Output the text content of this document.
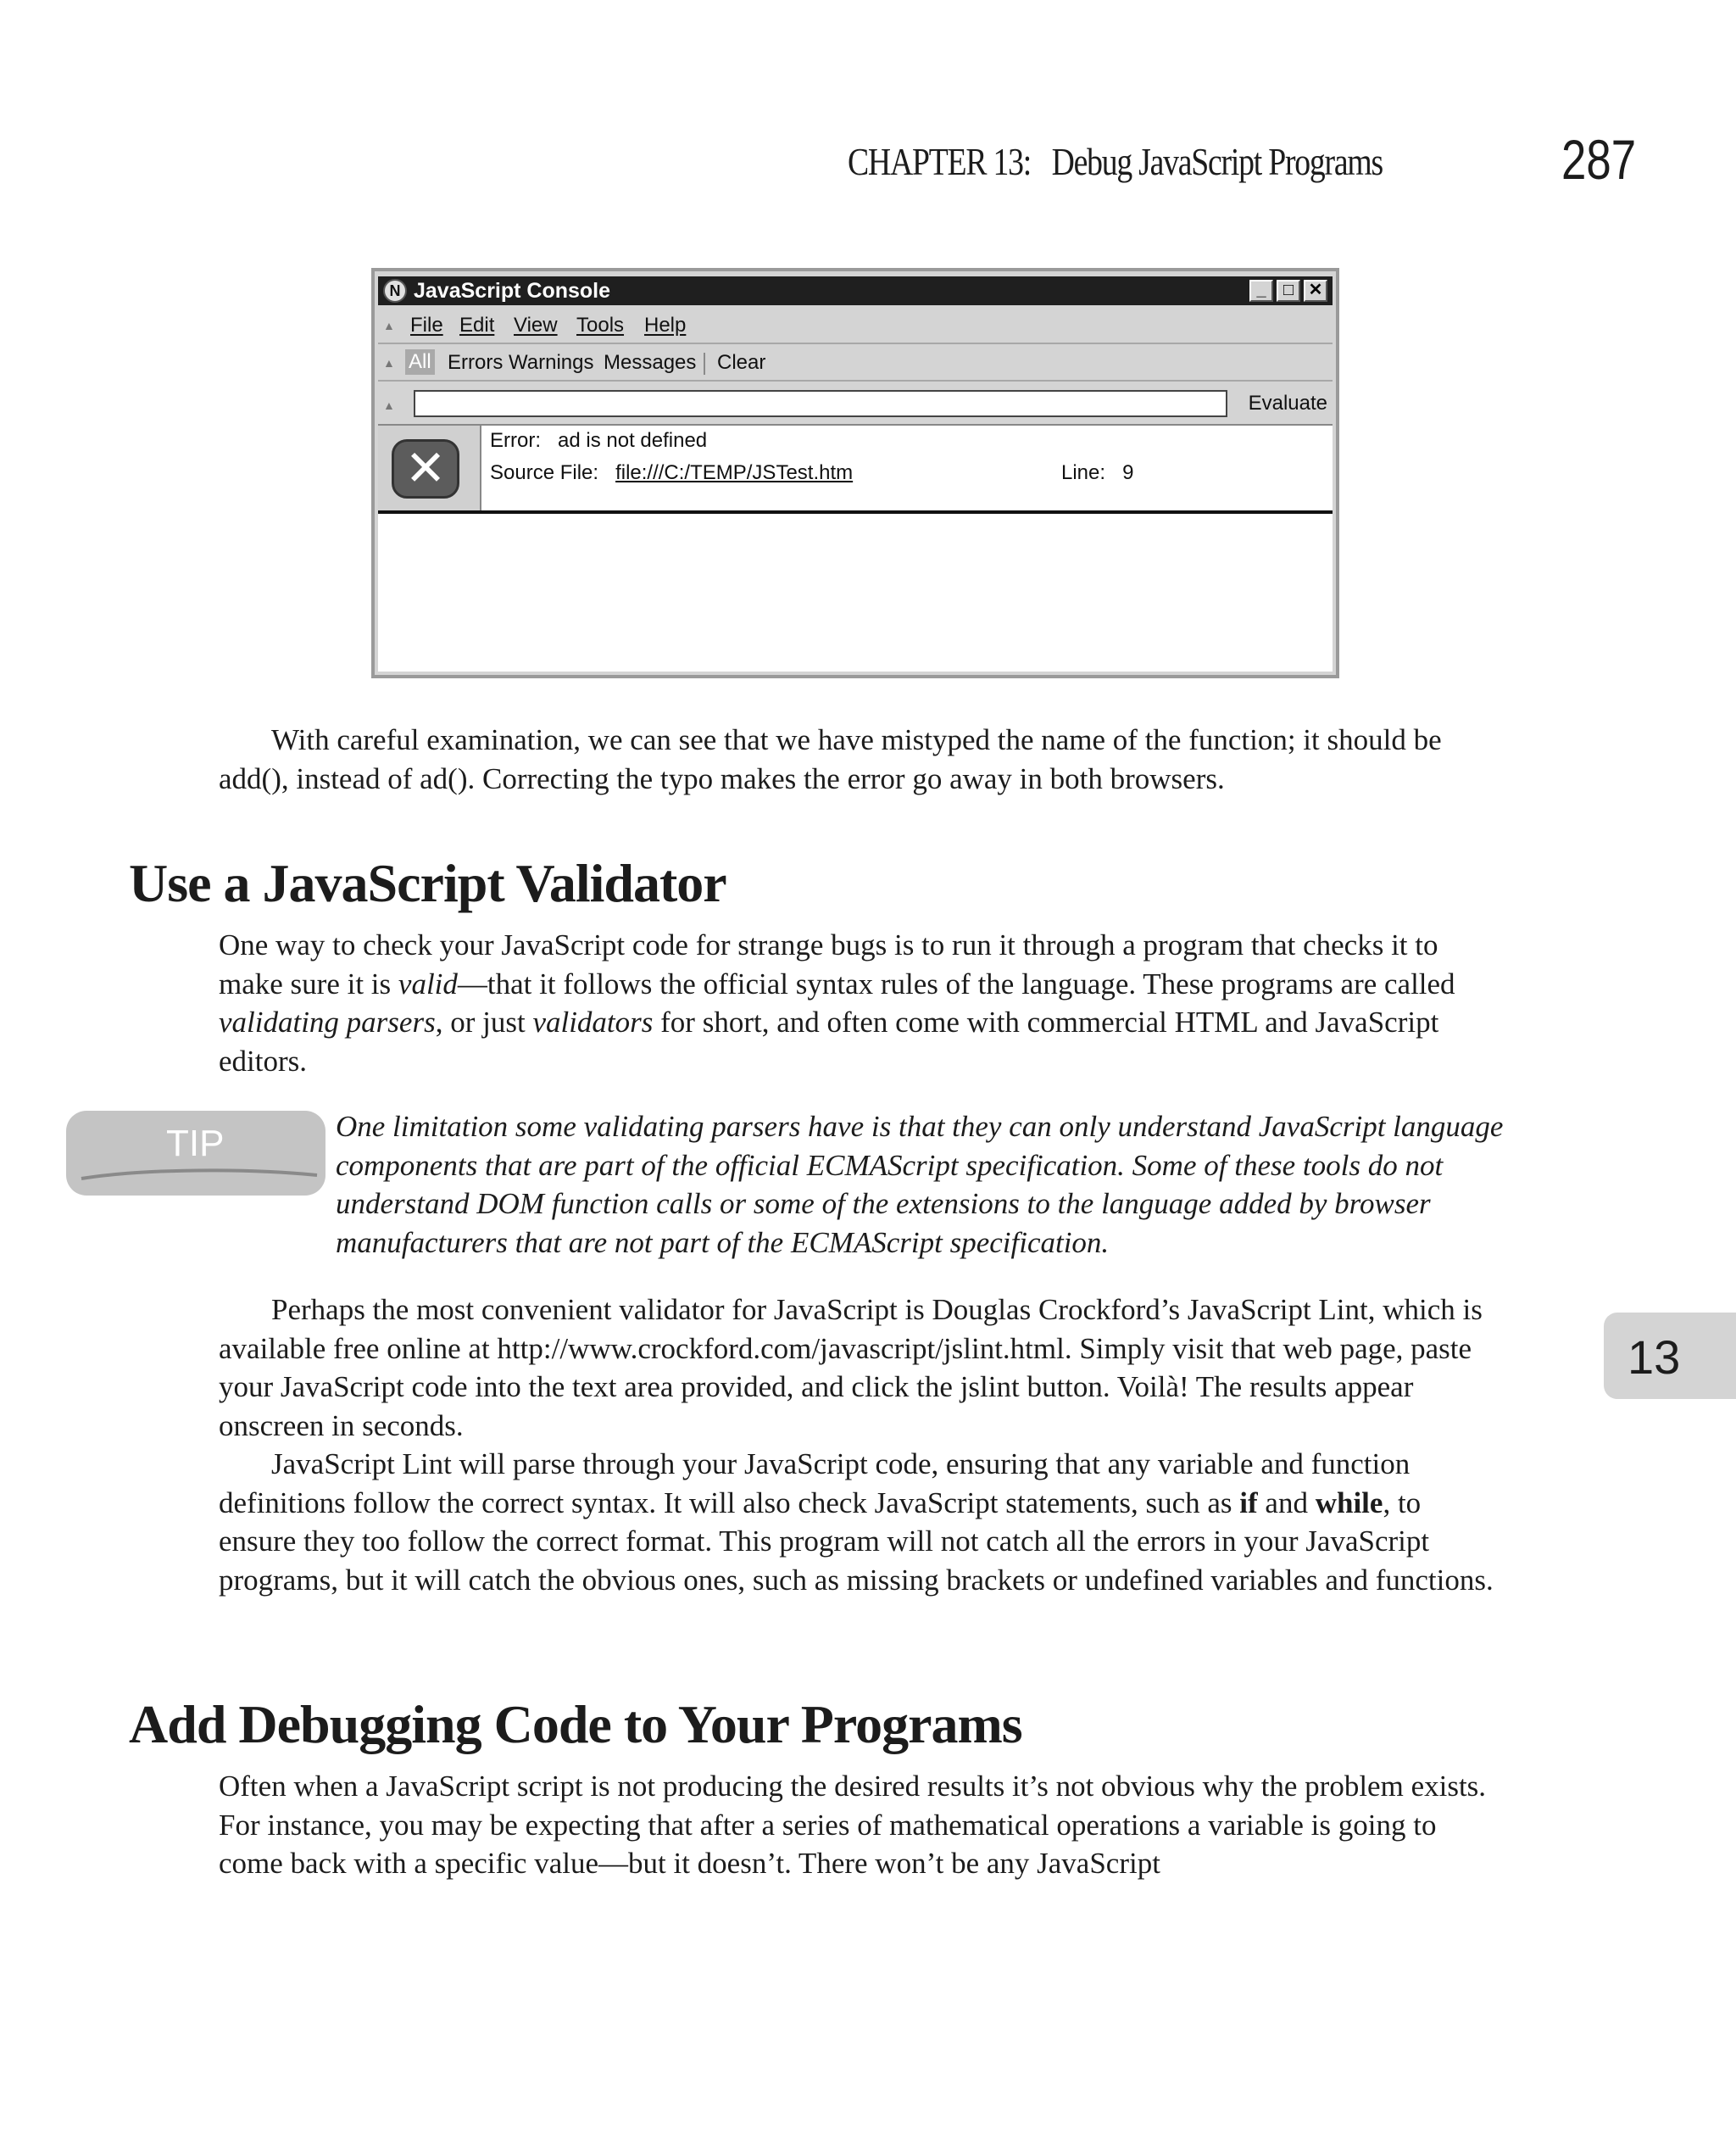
CHAPTER 13: Debug JavaScript Programs	287
N JavaScript Console	_	□ ✕
▲ File Edit View Tools Help
▲ All Errors Warnings Messages Clear
▲	Evaluate
✕	Error: ad is not defined
Source File: file:///C:/TEMP/JSTest.htm	Line: 9

With careful examination, we can see that we have mistyped the name of the function; it should be add(), instead of ad(). Correcting the typo makes the error go away in both browsers.

Use a JavaScript Validator

One way to check your JavaScript code for strange bugs is to run it through a program that checks it to make sure it is valid—that it follows the official syntax rules of the language. These programs are called validating parsers, or just validators for short, and often come with commercial HTML and JavaScript editors.

TIP	One limitation some validating parsers have is that they can only understand JavaScript language components that are part of the official ECMAScript specification. Some of these tools do not understand DOM function calls or some of the extensions to the language added by browser manufacturers that are not part of the ECMAScript specification.

Perhaps the most convenient validator for JavaScript is Douglas Crockford’s JavaScript Lint, which is available free online at http://www.crockford.com/javascript/jslint.html. Simply visit that web page, paste your JavaScript code into the text area provided, and click the jslint button. Voilà! The results appear onscreen in seconds.

JavaScript Lint will parse through your JavaScript code, ensuring that any variable and function definitions follow the correct syntax. It will also check JavaScript statements, such as if and while, to ensure they too follow the correct format. This program will not catch all the errors in your JavaScript programs, but it will catch the obvious ones, such as missing brackets or undefined variables and functions.

Add Debugging Code to Your Programs

Often when a JavaScript script is not producing the desired results it’s not obvious why the problem exists. For instance, you may be expecting that after a series of mathematical operations a variable is going to come back with a specific value—but it doesn’t. There won’t be any JavaScript

13
